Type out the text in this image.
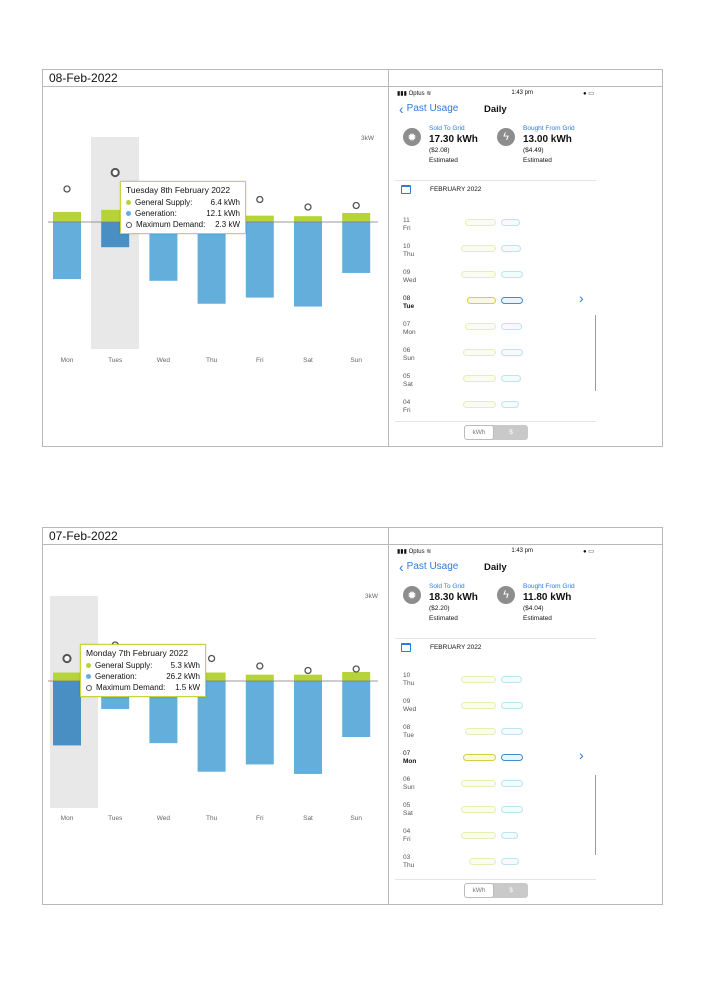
08-Feb-2022
3kW
Mon	Tues	Wed	Thu	Fri	Sat	Sun
Tuesday 8th February 2022
General Supply:	6.4 kWh
Generation:	12.1 kWh
Maximum Demand:	2.3 kW
▮▮▮ Optus ≋	1:43 pm	● ▭
‹ Past Usage	Daily
✹
Sold To Grid
17.30 kWh
($2.08)
Estimated
ϟ
Bought From Grid
13.00 kWh
($4.49)
Estimated
FEBRUARY 2022
11
Fri
10
Thu
09
Wed
08
Tue
›
07
Mon
06
Sun
05
Sat
04
Fri
kWh	$
07-Feb-2022
3kW
Mon	Tues	Wed	Thu	Fri	Sat	Sun
Monday 7th February 2022
General Supply:	5.3 kWh
Generation:	26.2 kWh
Maximum Demand:	1.5 kW
▮▮▮ Optus ≋	1:43 pm	● ▭
‹ Past Usage	Daily
✹
Sold To Grid
18.30 kWh
($2.20)
Estimated
ϟ
Bought From Grid
11.80 kWh
($4.04)
Estimated
FEBRUARY 2022
10
Thu
09
Wed
08
Tue
07
Mon	›
06
Sun
05
Sat
04
Fri
03
Thu
kWh	$
